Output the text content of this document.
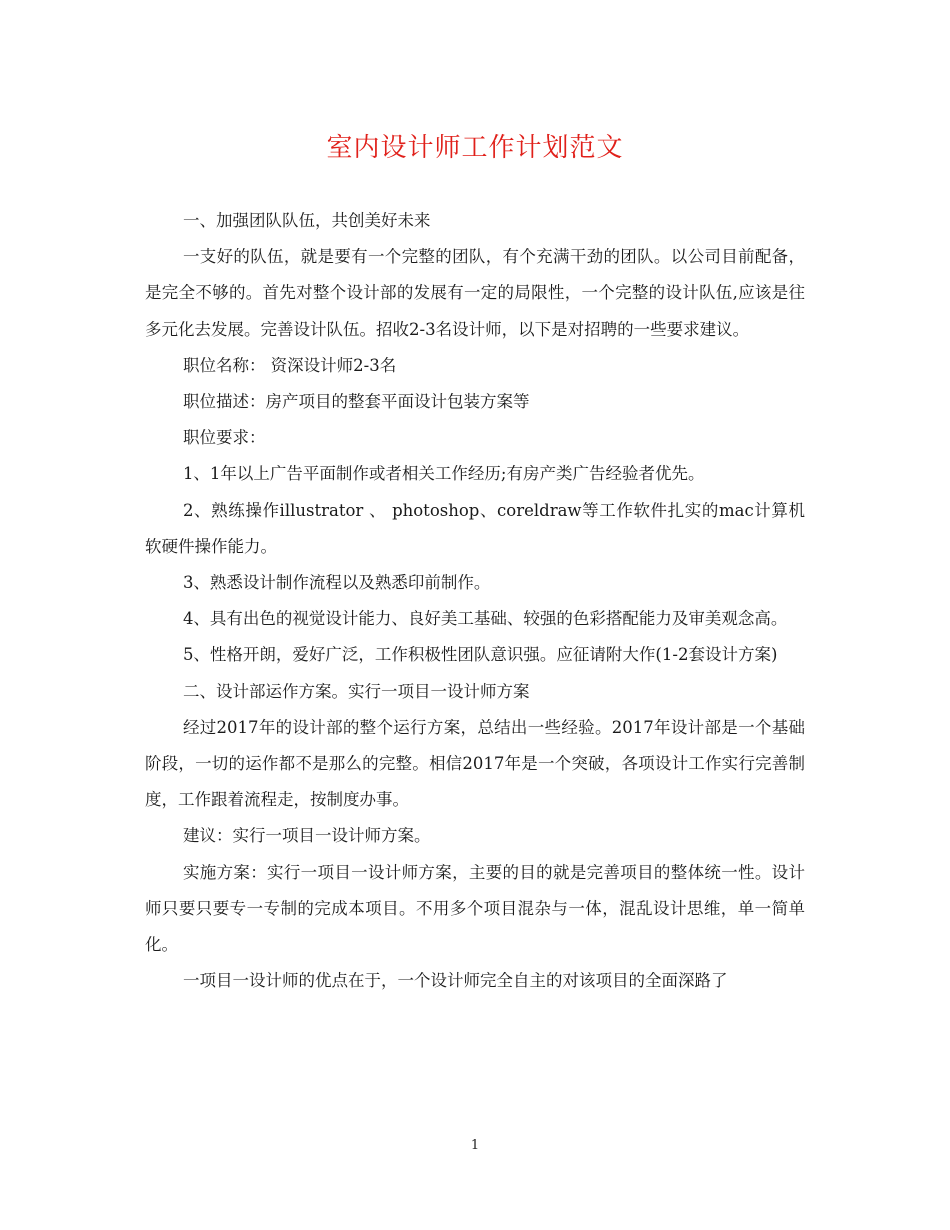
室内设计师工作计划范文

一、加强团队队伍，共创美好未来

一支好的队伍，就是要有一个完整的团队，有个充满干劲的团队。以公司目前配备，是完全不够的。首先对整个设计部的发展有一定的局限性，一个完整的设计队伍,应该是往多元化去发展。完善设计队伍。招收2-3名设计师，以下是对招聘的一些要求建议。

职位名称： 资深设计师2-3名

职位描述：房产项目的整套平面设计包装方案等

职位要求：

1、1年以上广告平面制作或者相关工作经历;有房产类广告经验者优先。

2、熟练操作illustrator 、 photoshop、coreldraw等工作软件扎实的mac计算机软硬件操作能力。

3、熟悉设计制作流程以及熟悉印前制作。

4、具有出色的视觉设计能力、良好美工基础、较强的色彩搭配能力及审美观念高。

5、性格开朗，爱好广泛，工作积极性团队意识强。应征请附大作(1-2套设计方案)

二、设计部运作方案。实行一项目一设计师方案

经过2017年的设计部的整个运行方案，总结出一些经验。2017年设计部是一个基础阶段，一切的运作都不是那么的完整。相信2017年是一个突破，各项设计工作实行完善制度，工作跟着流程走，按制度办事。

建议：实行一项目一设计师方案。

实施方案：实行一项目一设计师方案，主要的目的就是完善项目的整体统一性。设计师只要只要专一专制的完成本项目。不用多个项目混杂与一体，混乱设计思维，单一简单化。

一项目一设计师的优点在于，一个设计师完全自主的对该项目的全面深路了

1
